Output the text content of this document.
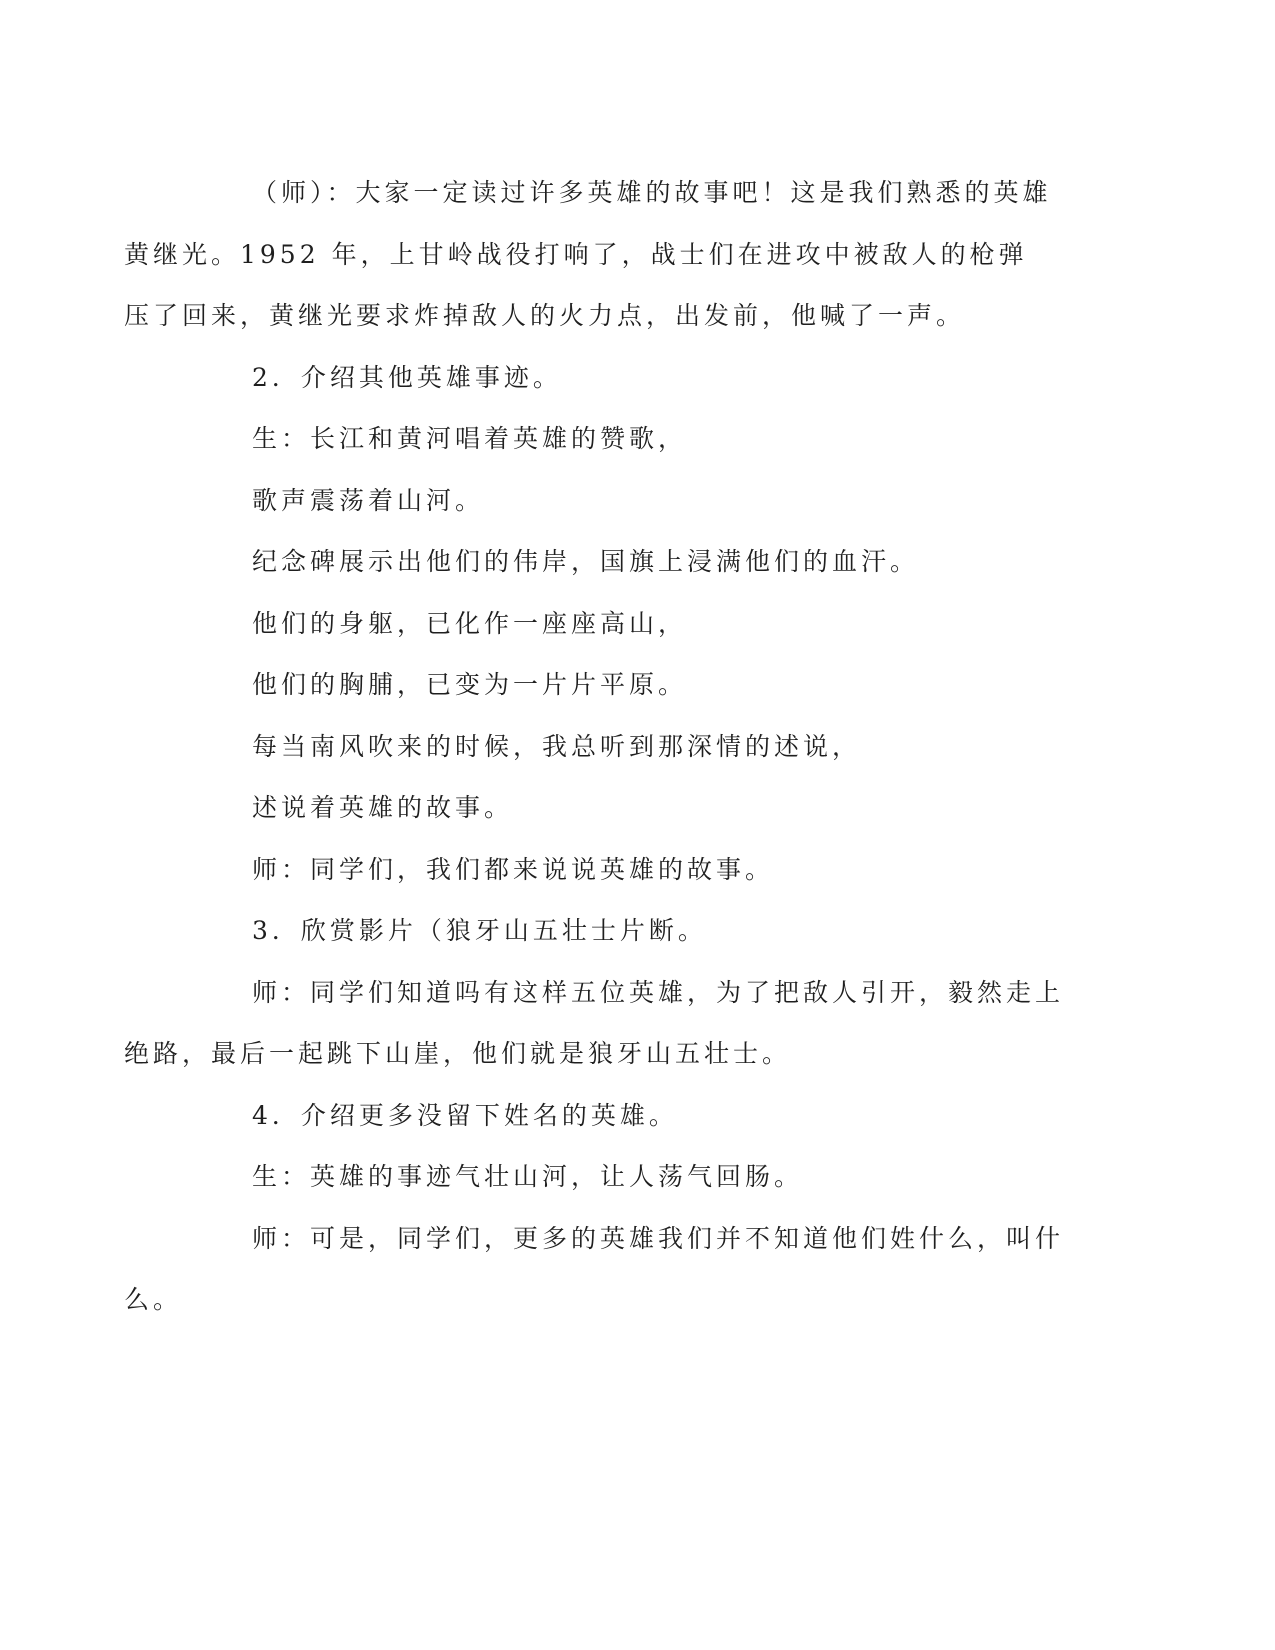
（师）：大家一定读过许多英雄的故事吧！这是我们熟悉的英雄
黄继光。1952 年，上甘岭战役打响了，战士们在进攻中被敌人的枪弹
压了回来，黄继光要求炸掉敌人的火力点，出发前，他喊了一声。
2．介绍其他英雄事迹。
生：长江和黄河唱着英雄的赞歌，
歌声震荡着山河。
纪念碑展示出他们的伟岸，国旗上浸满他们的血汗。
他们的身躯，已化作一座座高山，
他们的胸脯，已变为一片片平原。
每当南风吹来的时候，我总听到那深情的述说，
述说着英雄的故事。
师：同学们，我们都来说说英雄的故事。
3．欣赏影片（狼牙山五壮士片断。
师：同学们知道吗有这样五位英雄，为了把敌人引开，毅然走上
绝路，最后一起跳下山崖，他们就是狼牙山五壮士。
4．介绍更多没留下姓名的英雄。
生：英雄的事迹气壮山河，让人荡气回肠。
师：可是，同学们，更多的英雄我们并不知道他们姓什么，叫什
么。
